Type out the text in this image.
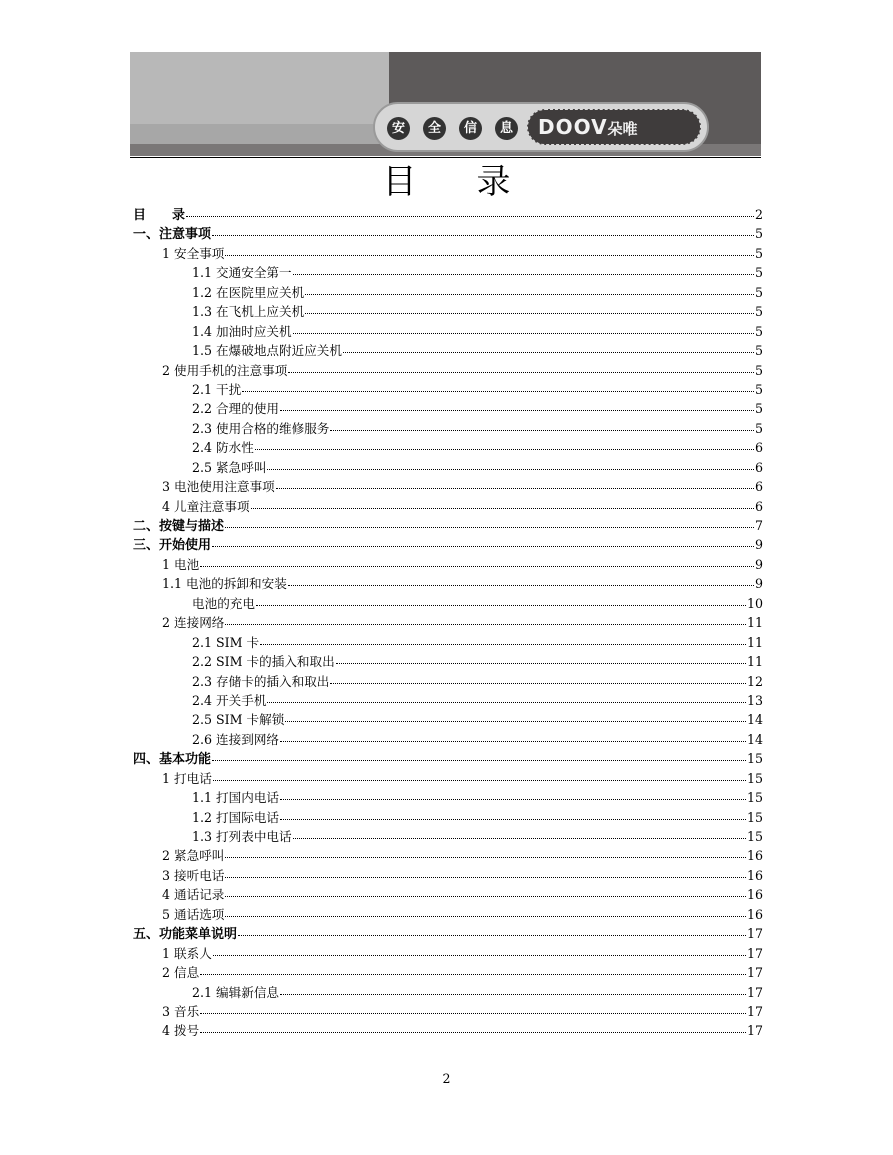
安	全	信	息 DOOV朵唯
目录
目　　录	2
一、注意事项	5
1 安全事项	5
1.1 交通安全第一	5
1.2 在医院里应关机	5
1.3 在飞机上应关机	5
1.4 加油时应关机	5
1.5 在爆破地点附近应关机	5
2 使用手机的注意事项	5
2.1 干扰	5
2.2 合理的使用	5
2.3 使用合格的维修服务	5
2.4 防水性	6
2.5 紧急呼叫	6
3 电池使用注意事项	6
4 儿童注意事项	6
二、按键与描述	7
三、开始使用	9
1 电池	9
1.1 电池的拆卸和安装	9
电池的充电	10
2 连接网络	11
2.1 SIM 卡	11
2.2 SIM 卡的插入和取出	11
2.3 存储卡的插入和取出	12
2.4 开关手机	13
2.5 SIM 卡解锁	14
2.6 连接到网络	14
四、基本功能	15
1 打电话	15
1.1 打国内电话	15
1.2 打国际电话	15
1.3 打列表中电话	15
2 紧急呼叫	16
3 接听电话	16
4 通话记录	16
5 通话选项	16
五、功能菜单说明	17
1 联系人	17
2 信息	17
2.1 编辑新信息	17
3 音乐	17
4 拨号	17
2
